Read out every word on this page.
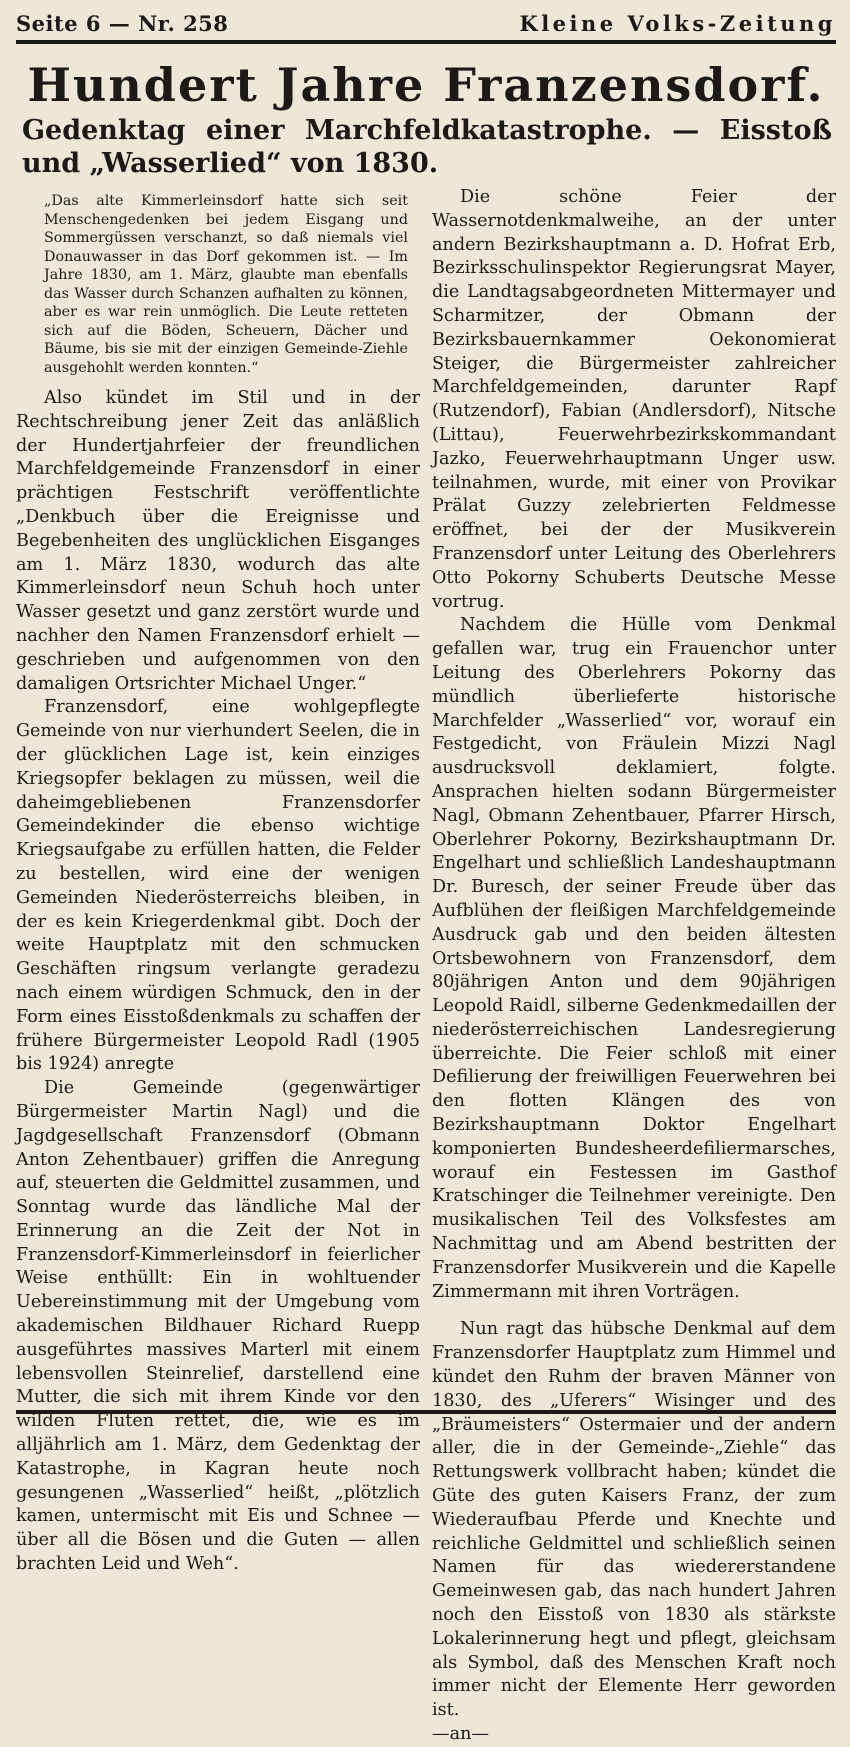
Seite 6 — Nr. 258	Kleine Volks-Zeitung
Hundert Jahre Franzensdorf.
Gedenktag einer Marchfeldkatastrophe. — Eisstoß und „Wasserlied“ von 1830.

„Das alte Kimmerleinsdorf hatte sich seit Menschengedenken bei jedem Eisgang und Sommergüssen verschanzt, so daß niemals viel Donauwasser in das Dorf gekommen ist. — Im Jahre 1830, am 1. März, glaubte man ebenfalls das Wasser durch Schanzen aufhalten zu können, aber es war rein unmöglich. Die Leute retteten sich auf die Böden, Scheuern, Dächer und Bäume, bis sie mit der einzigen Gemeinde-Ziehle ausgehohlt werden konnten.“

Also kündet im Stil und in der Rechtschreibung jener Zeit das anläßlich der Hundertjahrfeier der freundlichen Marchfeldgemeinde Franzensdorf in einer prächtigen Festschrift veröffentlichte „Denkbuch über die Ereignisse und Begebenheiten des unglücklichen Eisganges am 1. März 1830, wodurch das alte Kimmerleinsdorf neun Schuh hoch unter Wasser gesetzt und ganz zerstört wurde und nachher den Namen Franzensdorf erhielt — geschrieben und aufgenommen von den damaligen Ortsrichter Michael Unger.“

Franzensdorf, eine wohlgepflegte Gemeinde von nur vierhundert Seelen, die in der glücklichen Lage ist, kein einziges Kriegsopfer beklagen zu müssen, weil die daheimgebliebenen Franzensdorfer Gemeindekinder die ebenso wichtige Kriegsaufgabe zu erfüllen hatten, die Felder zu bestellen, wird eine der wenigen Gemeinden Niederösterreichs bleiben, in der es kein Kriegerdenkmal gibt. Doch der weite Hauptplatz mit den schmucken Geschäften ringsum verlangte geradezu nach einem würdigen Schmuck, den in der Form eines Eisstoßdenkmals zu schaffen der frühere Bürgermeister Leopold Radl (1905 bis 1924) anregte

Die Gemeinde (gegenwärtiger Bürgermeister Martin Nagl) und die Jagdgesellschaft Franzensdorf (Obmann Anton Zehentbauer) griffen die Anregung auf, steuerten die Geldmittel zusammen, und Sonntag wurde das ländliche Mal der Erinnerung an die Zeit der Not in Franzensdorf-Kimmerleinsdorf in feierlicher Weise enthüllt: Ein in wohltuender Uebereinstimmung mit der Umgebung vom akademischen Bildhauer Richard Ruepp ausgeführtes massives Marterl mit einem lebensvollen Steinrelief, darstellend eine Mutter, die sich mit ihrem Kinde vor den wilden Fluten rettet, die, wie es im alljährlich am 1. März, dem Gedenktag der Katastrophe, in Kagran heute noch gesungenen „Wasserlied“ heißt, „plötzlich kamen, untermischt mit Eis und Schnee — über all die Bösen und die Guten — allen brachten Leid und Weh“.

Die schöne Feier der Wassernotdenkmalweihe, an der unter andern Bezirkshauptmann a. D. Hofrat Erb, Bezirksschulinspektor Regierungsrat Mayer, die Landtagsabgeordneten Mittermayer und Scharmitzer, der Obmann der Bezirksbauernkammer Oekonomierat Steiger, die Bürgermeister zahlreicher Marchfeldgemeinden, darunter Rapf (Rutzendorf), Fabian (Andlersdorf), Nitsche (Littau), Feuerwehrbezirkskommandant Jazko, Feuerwehrhauptmann Unger usw. teilnahmen, wurde, mit einer von Provikar Prälat Guzzy zelebrierten Feldmesse eröffnet, bei der der Musikverein Franzensdorf unter Leitung des Oberlehrers Otto Pokorny Schuberts Deutsche Messe vortrug.

Nachdem die Hülle vom Denkmal gefallen war, trug ein Frauenchor unter Leitung des Oberlehrers Pokorny das mündlich überlieferte historische Marchfelder „Wasserlied“ vor, worauf ein Festgedicht, von Fräulein Mizzi Nagl ausdrucksvoll deklamiert, folgte. Ansprachen hielten sodann Bürgermeister Nagl, Obmann Zehentbauer, Pfarrer Hirsch, Oberlehrer Pokorny, Bezirkshauptmann Dr. Engelhart und schließlich Landeshauptmann Dr. Buresch, der seiner Freude über das Aufblühen der fleißigen Marchfeldgemeinde Ausdruck gab und den beiden ältesten Ortsbewohnern von Franzensdorf, dem 80jährigen Anton und dem 90jährigen Leopold Raidl, silberne Gedenkmedaillen der niederösterreichischen Landesregierung überreichte. Die Feier schloß mit einer Defilierung der freiwilligen Feuerwehren bei den flotten Klängen des von Bezirkshauptmann Doktor Engelhart komponierten Bundesheerdefiliermarsches, worauf ein Festessen im Gasthof Kratschinger die Teilnehmer vereinigte. Den musikalischen Teil des Volksfestes am Nachmittag und am Abend bestritten der Franzensdorfer Musikverein und die Kapelle Zimmermann mit ihren Vorträgen.

Nun ragt das hübsche Denkmal auf dem Franzensdorfer Hauptplatz zum Himmel und kündet den Ruhm der braven Männer von 1830, des „Uferers“ Wisinger und des „Bräumeisters“ Ostermaier und der andern aller, die in der Gemeinde-„Ziehle“ das Rettungswerk vollbracht haben; kündet die Güte des guten Kaisers Franz, der zum Wiederaufbau Pferde und Knechte und reichliche Geldmittel und schließlich seinen Namen für das wiedererstandene Gemeinwesen gab, das nach hundert Jahren noch den Eisstoß von 1830 als stärkste Lokalerinnerung hegt und pflegt, gleichsam als Symbol, daß des Menschen Kraft noch immer nicht der Elemente Herr geworden ist.

—an—
